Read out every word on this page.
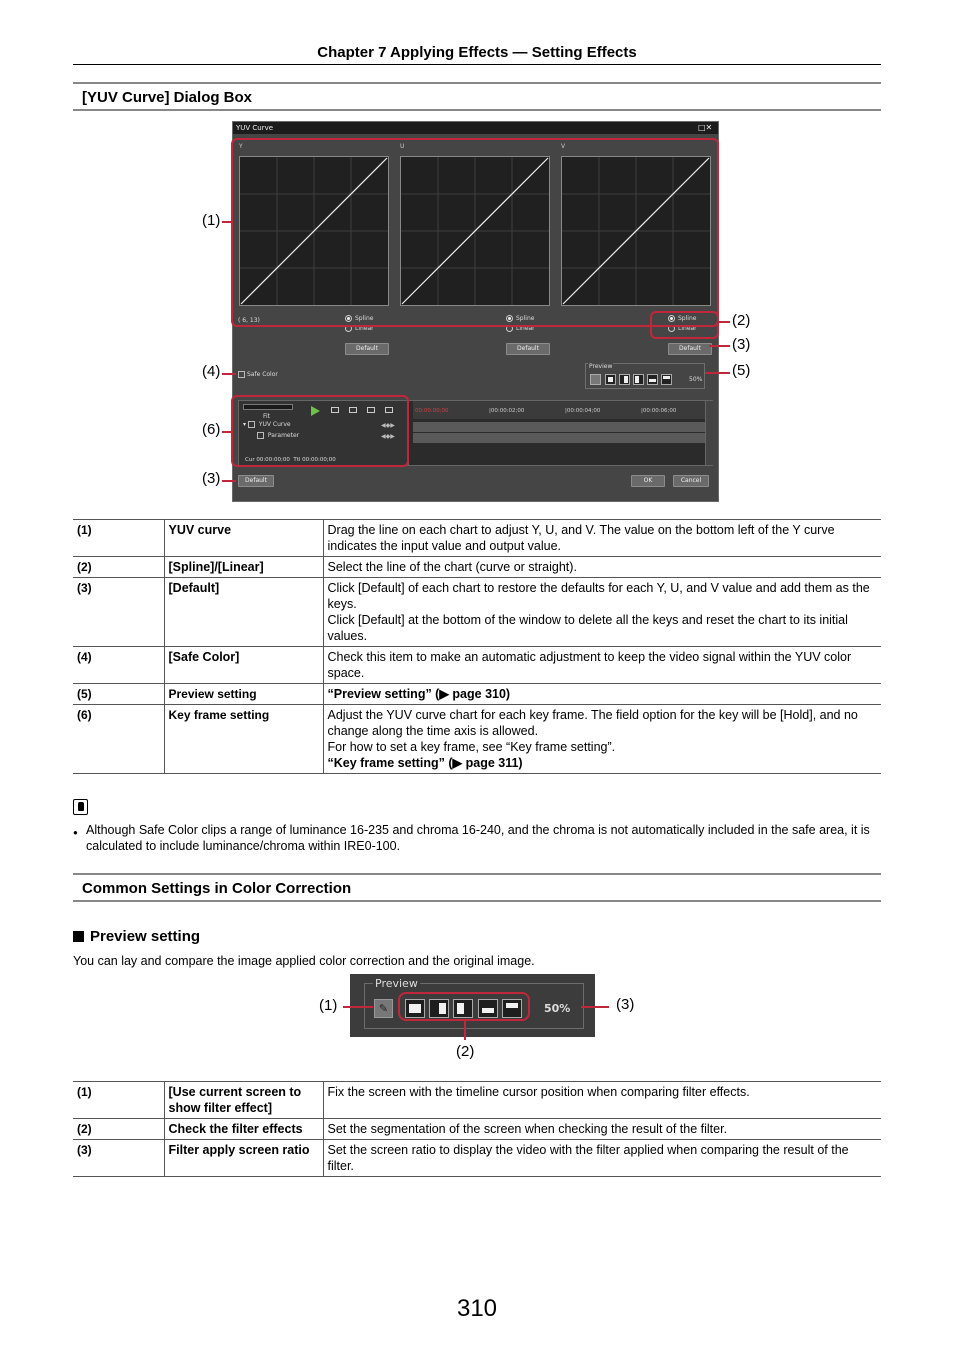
Chapter 7 Applying Effects — Setting Effects
[YUV Curve] Dialog Box
YUV Curve	□✕
Y	U	V
( 6, 13)	Spline
Linear
Spline
Linear
Spline
Linear
Default	Default	Default
Safe Color
Preview
50%
Fit
▾  YUV Curve
Parameter
◀◆▶
◀◆▶
Cur 00:00:00;00 Ttl 00:00:00;00
00:00:00;00	|00:00:02;00	|00:00:04;00	|00:00:06;00
Default	OK	Cancel
(1)
(2)
(3)
(4)	(5)
(6)
(3)
(1)	YUV curve	Drag the line on each chart to adjust Y, U, and V. The value on the bottom left of the Y curve indicates the input value and output value.
(2)	[Spline]/[Linear]	Select the line of the chart (curve or straight).
(3)	[Default]	Click [Default] of each chart to restore the defaults for each Y, U, and V value and add them as the keys.
Click [Default] at the bottom of the window to delete all the keys and reset the chart to its initial values.

(4)	[Safe Color]	Check this item to make an automatic adjustment to keep the video signal within the YUV color space.
(5)	Preview setting	“Preview setting” (▶ page 310)
(6)	Key frame setting	Adjust the YUV curve chart for each key frame. The field option for the key will be [Hold], and no change along the time axis is allowed.
For how to set a key frame, see “Key frame setting”.
“Key frame setting” (▶ page 311)
● Although Safe Color clips a range of luminance 16-235 and chroma 16-240, and the chroma is not automatically included in the safe area, it is calculated to include luminance/chroma within IRE0-100.
Common Settings in Color Correction
Preview setting
You can lay and compare the image applied color correction and the original image.
Preview
✎	50%
(1)	(3)
(2)
(1)	[Use current screen to show filter effect]	Fix the screen with the timeline cursor position when comparing filter effects.
(2)	Check the filter effects	Set the segmentation of the screen when checking the result of the filter.
(3)	Filter apply screen ratio	Set the screen ratio to display the video with the filter applied when comparing the result of the filter.
310
